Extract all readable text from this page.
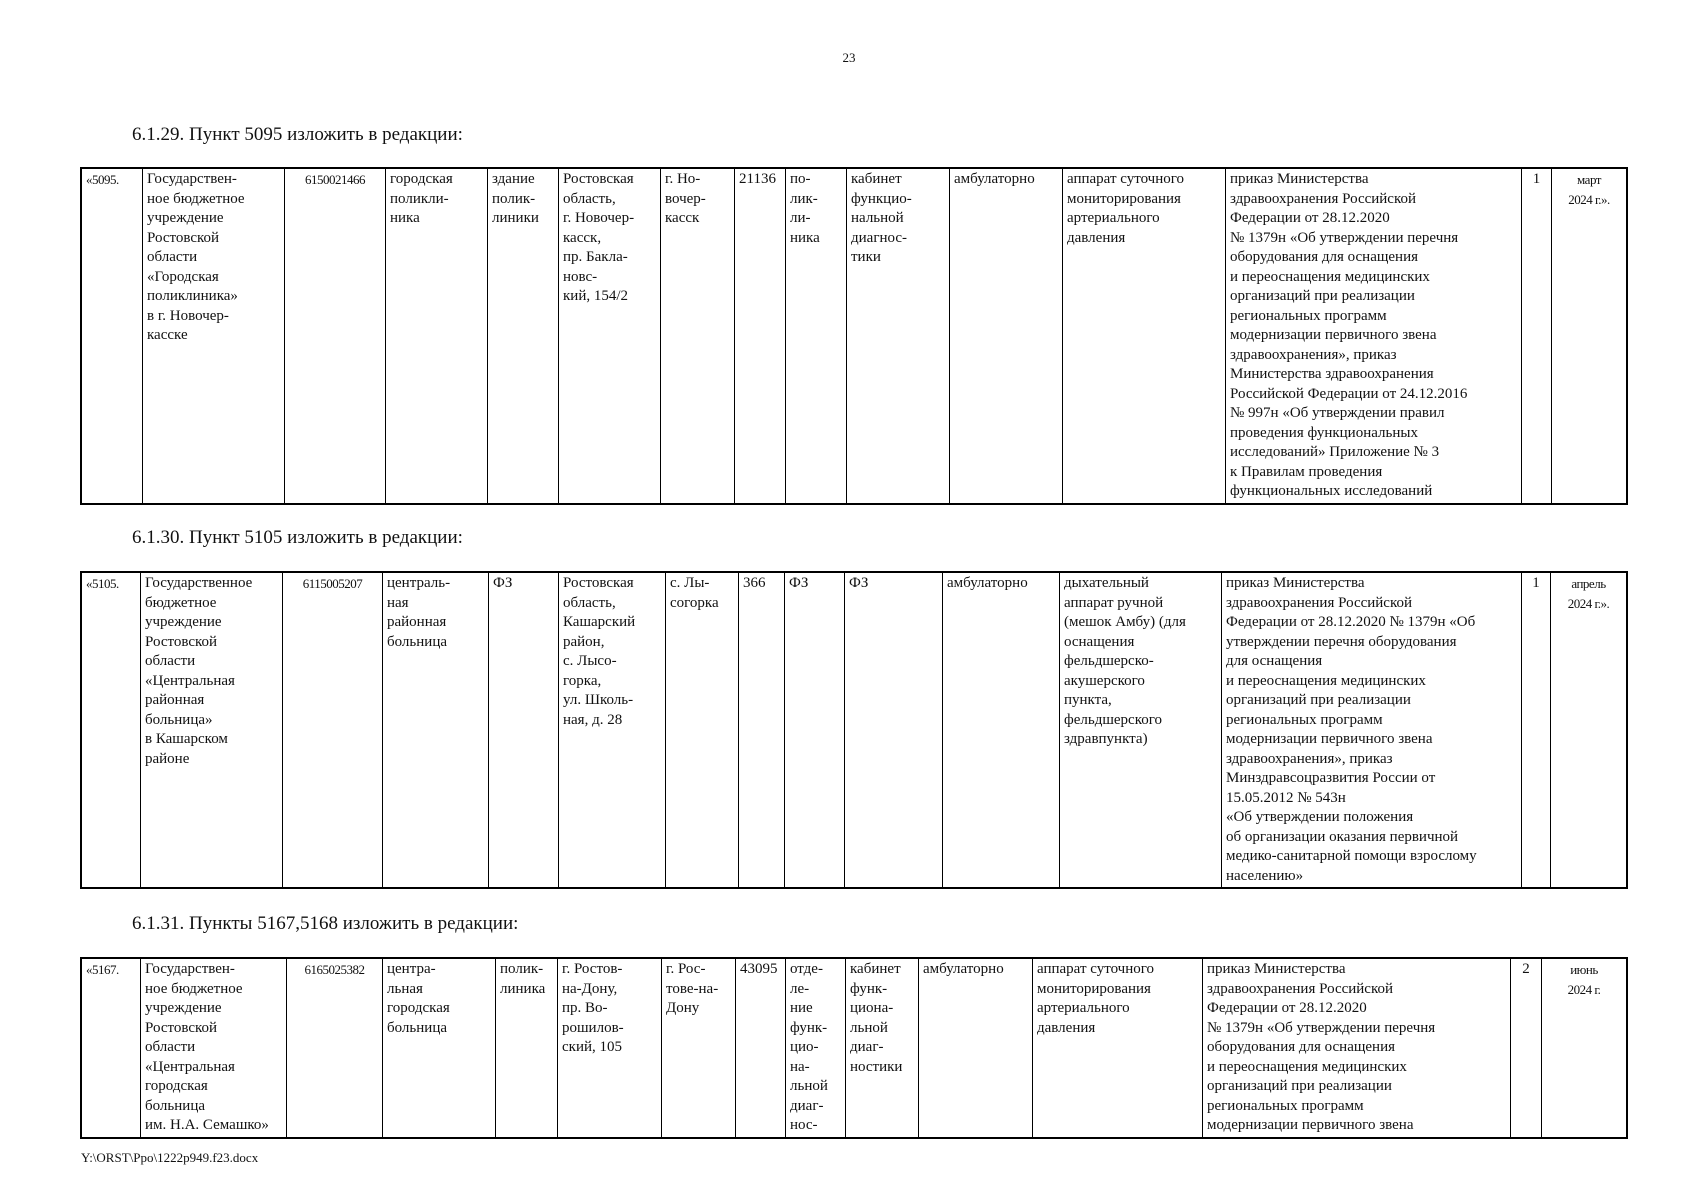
23
6.1.29. Пункт 5095 изложить в редакции:
«5095.	Государствен-
ное бюджетное
учреждение
Ростовской
области
«Городская
поликлиника»
в г. Новочер-
касске	6150021466	городская
поликли-
ника	здание
полик-
линики	Ростовская
область,
г. Новочер-
касск,
пр. Бакла-
новс-
кий, 154/2	г. Но-
вочер-
касск	21136	по-
лик-
ли-
ника	кабинет
функцио-
нальной
диагнос-
тики	амбулаторно	аппарат суточного
мониторирования
артериального
давления	приказ Министерства
здравоохранения Российской
Федерации от 28.12.2020
№ 1379н «Об утверждении перечня
оборудования для оснащения
и переоснащения медицинских
организаций при реализации
региональных программ
модернизации первичного звена
здравоохранения», приказ
Министерства здравоохранения
Российской Федерации от 24.12.2016
№ 997н «Об утверждении правил
проведения функциональных
исследований» Приложение № 3
к Правилам проведения
функциональных исследований	1	март
2024 г.».
6.1.30. Пункт 5105 изложить в редакции:
«5105.	Государственное
бюджетное
учреждение
Ростовской
области
«Центральная
районная
больница»
в Кашарском
районе	6115005207	централь-
ная
районная
больница	ФЗ	Ростовская
область,
Кашарский
район,
с. Лысо-
горка,
ул. Школь-
ная, д. 28	с. Лы-
согорка	366	ФЗ	ФЗ	амбулаторно	дыхательный
аппарат ручной
(мешок Амбу) (для
оснащения
фельдшерско-
акушерского
пункта,
фельдшерского
здравпункта)	приказ Министерства
здравоохранения Российской
Федерации от 28.12.2020 № 1379н «Об
утверждении перечня оборудования
для оснащения
и переоснащения медицинских
организаций при реализации
региональных программ
модернизации первичного звена
здравоохранения», приказ
Минздравсоцразвития России от
15.05.2012 № 543н
«Об утверждении положения
об организации оказания первичной
медико-санитарной помощи взрослому
населению»	1	апрель
2024 г.».
6.1.31. Пункты 5167,5168 изложить в редакции:
«5167.	Государствен-
ное бюджетное
учреждение
Ростовской
области
«Центральная
городская
больница
им. Н.А. Семашко»	6165025382	центра-
льная
городская
больница	полик-
линика	г. Ростов-
на-Дону,
пр. Во-
рошилов-
ский, 105	г. Рос-
тове-на-
Дону	43095	отде-
ле-
ние
функ-
цио-
на-
льной
диаг-
нос-	кабинет
функ-
циона-
льной
диаг-
ностики	амбулаторно	аппарат суточного
мониторирования
артериального
давления	приказ Министерства
здравоохранения Российской
Федерации от 28.12.2020
№ 1379н «Об утверждении перечня
оборудования для оснащения
и переоснащения медицинских
организаций при реализации
региональных программ
модернизации первичного звена	2	июнь
2024 г.
Y:\ORST\Ppo\1222p949.f23.docx
